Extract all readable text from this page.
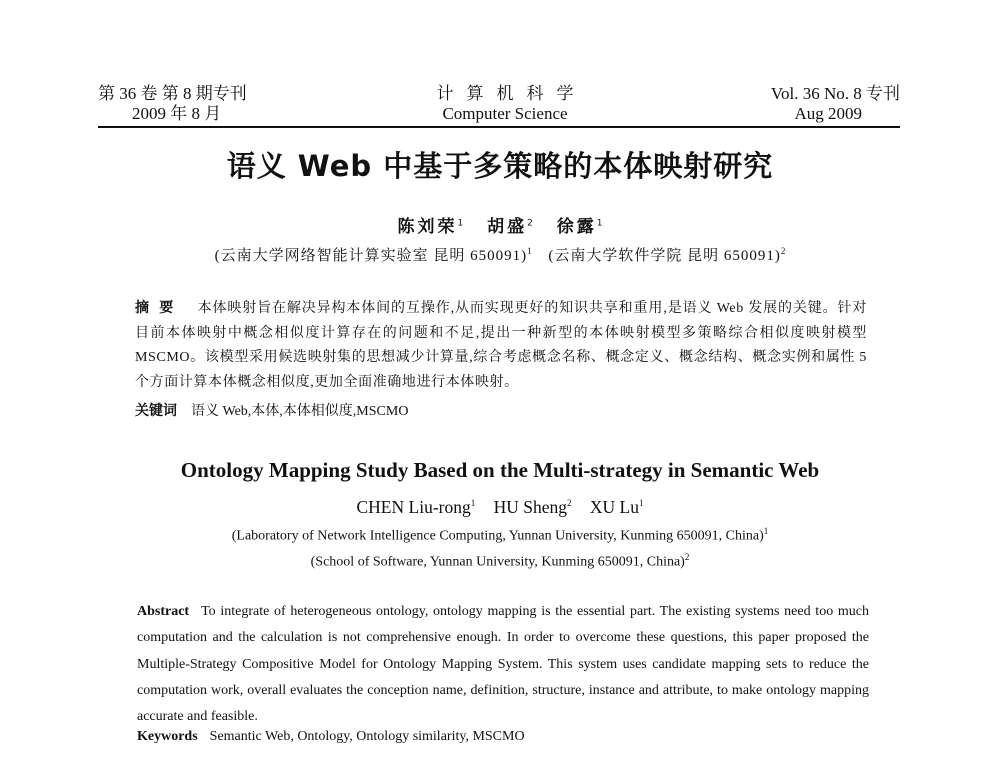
第 36 卷 第 8 期专刊
2009 年 8 月
计算机科学
Computer Science
Vol. 36 No. 8 专刊
Aug 2009
语义 Web 中基于多策略的本体映射研究
陈刘荣$^1$ 胡盛$^2$ 徐露$^1$
(云南大学网络智能计算实验室 昆明 650091)$^1$ (云南大学软件学院 昆明 650091)$^2$
摘要 本体映射旨在解决异构本体间的互操作,从而实现更好的知识共享和重用,是语义 Web 发展的关键。针对目前本体映射中概念相似度计算存在的问题和不足,提出一种新型的本体映射模型多策略综合相似度映射模型 MSCMO。该模型采用候选映射集的思想减少计算量,综合考虑概念名称、概念定义、概念结构、概念实例和属性 5 个方面计算本体概念相似度,更加全面准确地进行本体映射。
关键词 语义 Web,本体,本体相似度,MSCMO
Ontology Mapping Study Based on the Multi-strategy in Semantic Web
CHEN Liu-rong$^1$ HU Sheng$^2$ XU Lu$^1$
(Laboratory of Network Intelligence Computing, Yunnan University, Kunming 650091, China)$^1$
(School of Software, Yunnan University, Kunming 650091, China)$^2$
Abstract To integrate of heterogeneous ontology, ontology mapping is the essential part. The existing systems need too much computation and the calculation is not comprehensive enough. In order to overcome these questions, this paper proposed the Multiple-Strategy Compositive Model for Ontology Mapping System. This system uses candidate mapping sets to reduce the computation work, overall evaluates the conception name, definition, structure, instance and attribute, to make ontology mapping accurate and feasible.
Keywords Semantic Web, Ontology, Ontology similarity, MSCMO
